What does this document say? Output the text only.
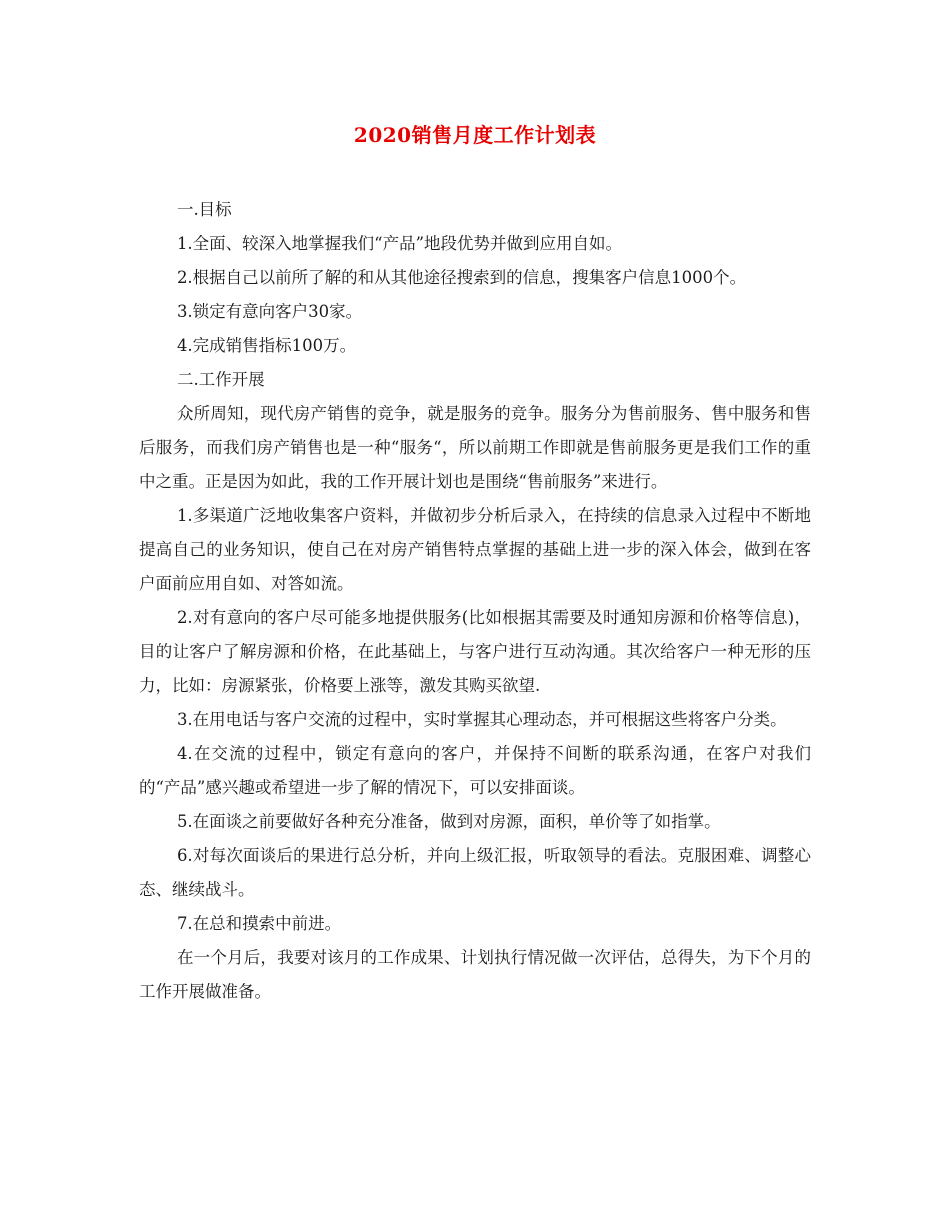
2020销售月度工作计划表

一.目标

1.全面、较深入地掌握我们“产品”地段优势并做到应用自如。

2.根据自己以前所了解的和从其他途径搜索到的信息，搜集客户信息1000个。

3.锁定有意向客户30家。

4.完成销售指标100万。

二.工作开展

众所周知，现代房产销售的竞争，就是服务的竞争。服务分为售前服务、售中服务和售后服务，而我们房产销售也是一种“服务“，所以前期工作即就是售前服务更是我们工作的重中之重。正是因为如此，我的工作开展计划也是围绕“售前服务”来进行。

1.多渠道广泛地收集客户资料，并做初步分析后录入，在持续的信息录入过程中不断地提高自己的业务知识，使自己在对房产销售特点掌握的基础上进一步的深入体会，做到在客户面前应用自如、对答如流。

2.对有意向的客户尽可能多地提供服务(比如根据其需要及时通知房源和价格等信息)，目的让客户了解房源和价格，在此基础上，与客户进行互动沟通。其次给客户一种无形的压力，比如：房源紧张，价格要上涨等，激发其购买欲望.

3.在用电话与客户交流的过程中，实时掌握其心理动态，并可根据这些将客户分类。

4.在交流的过程中，锁定有意向的客户，并保持不间断的联系沟通，在客户对我们的“产品”感兴趣或希望进一步了解的情况下，可以安排面谈。

5.在面谈之前要做好各种充分准备，做到对房源，面积，单价等了如指掌。

6.对每次面谈后的果进行总分析，并向上级汇报，听取领导的看法。克服困难、调整心态、继续战斗。

7.在总和摸索中前进。

在一个月后，我要对该月的工作成果、计划执行情况做一次评估，总得失，为下个月的工作开展做准备。
